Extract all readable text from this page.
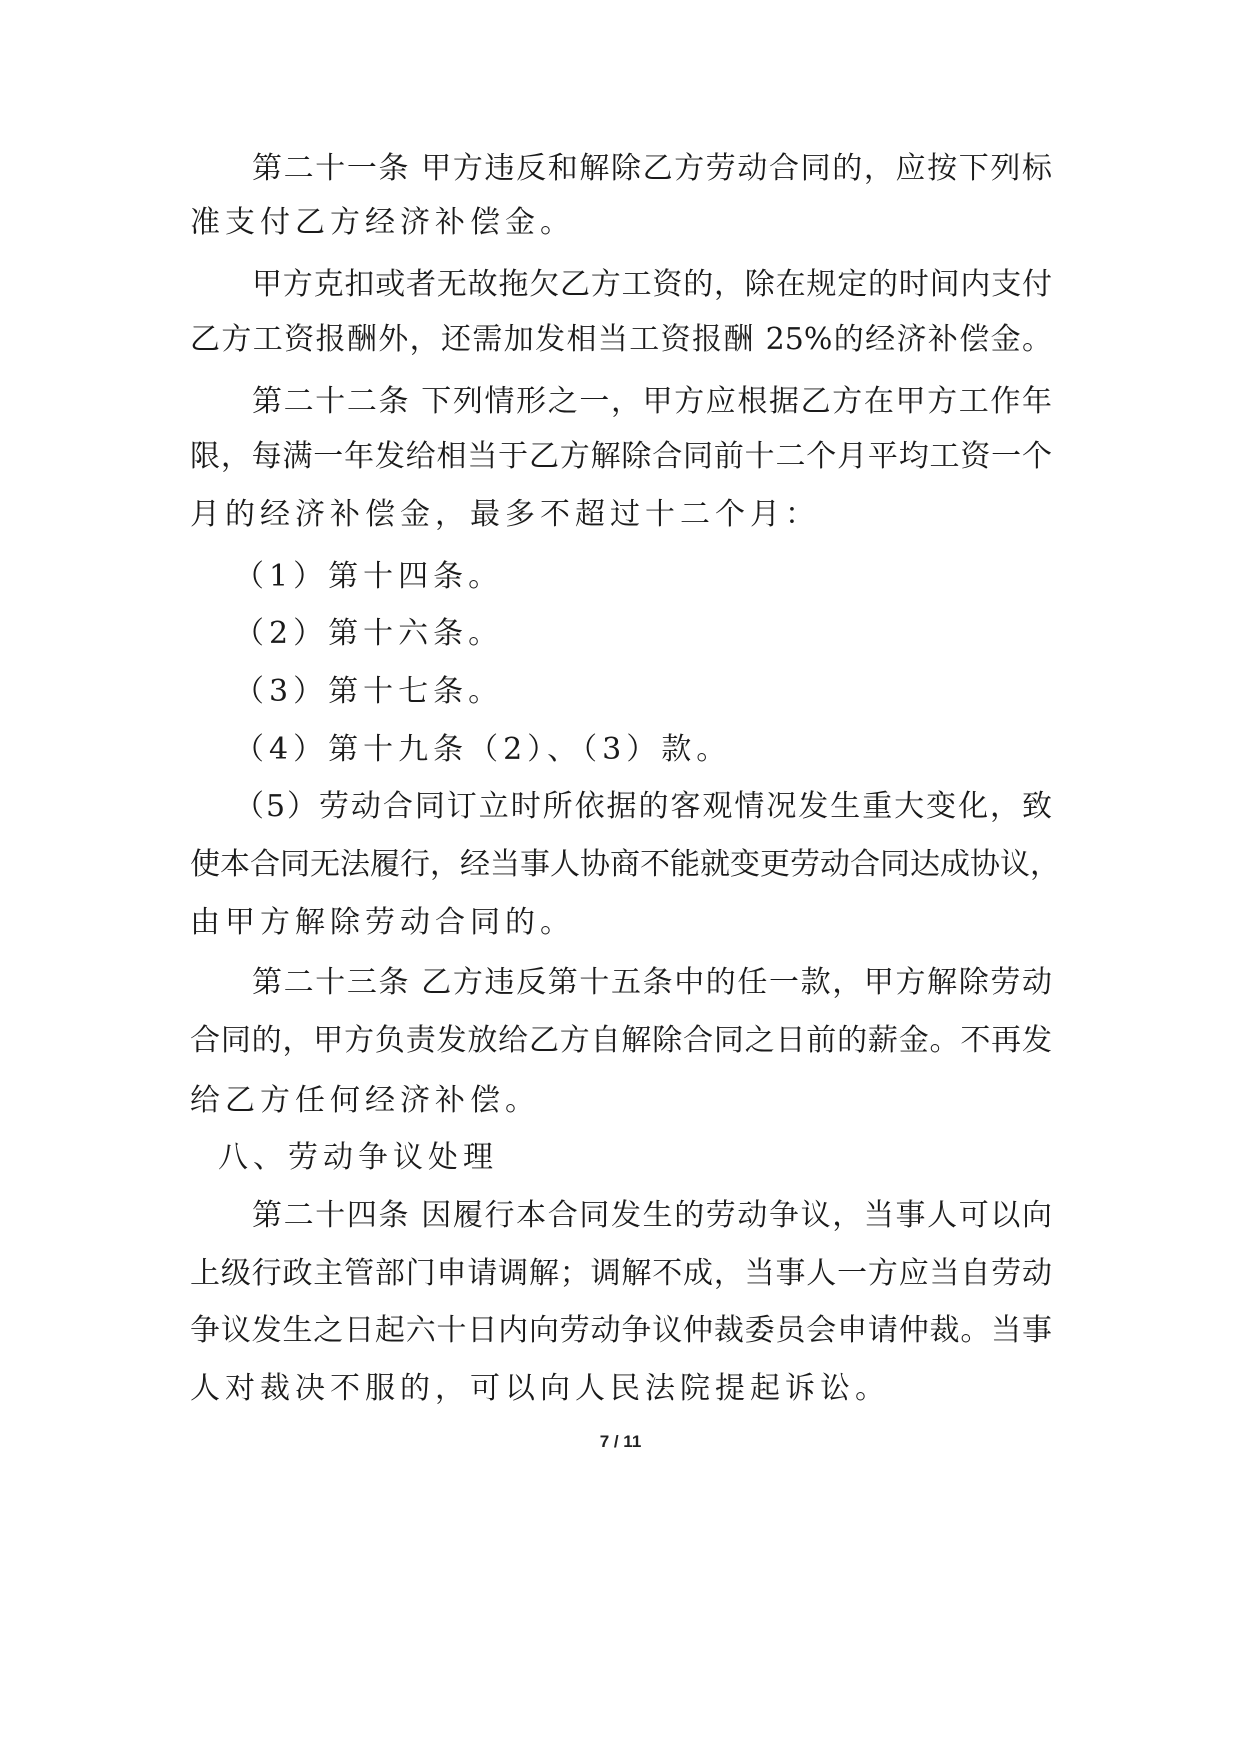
第二十一条 甲方违反和解除乙方劳动合同的，应按下列标
准支付乙方经济补偿金。
甲方克扣或者无故拖欠乙方工资的，除在规定的时间内支付
乙方工资报酬外，还需加发相当工资报酬 25%的经济补偿金。
第二十二条 下列情形之一，甲方应根据乙方在甲方工作年
限，每满一年发给相当于乙方解除合同前十二个月平均工资一个
月的经济补偿金，最多不超过十二个月：
（1）第十四条。
（2）第十六条。
（3）第十七条。
（4）第十九条（2）、（3）款。
（5）劳动合同订立时所依据的客观情况发生重大变化，致
使本合同无法履行，经当事人协商不能就变更劳动合同达成协议，
由甲方解除劳动合同的。
第二十三条 乙方违反第十五条中的任一款，甲方解除劳动
合同的，甲方负责发放给乙方自解除合同之日前的薪金。不再发
给乙方任何经济补偿。
八、劳动争议处理
第二十四条 因履行本合同发生的劳动争议，当事人可以向
上级行政主管部门申请调解；调解不成，当事人一方应当自劳动
争议发生之日起六十日内向劳动争议仲裁委员会申请仲裁。当事
人对裁决不服的，可以向人民法院提起诉讼。
7 / 11
